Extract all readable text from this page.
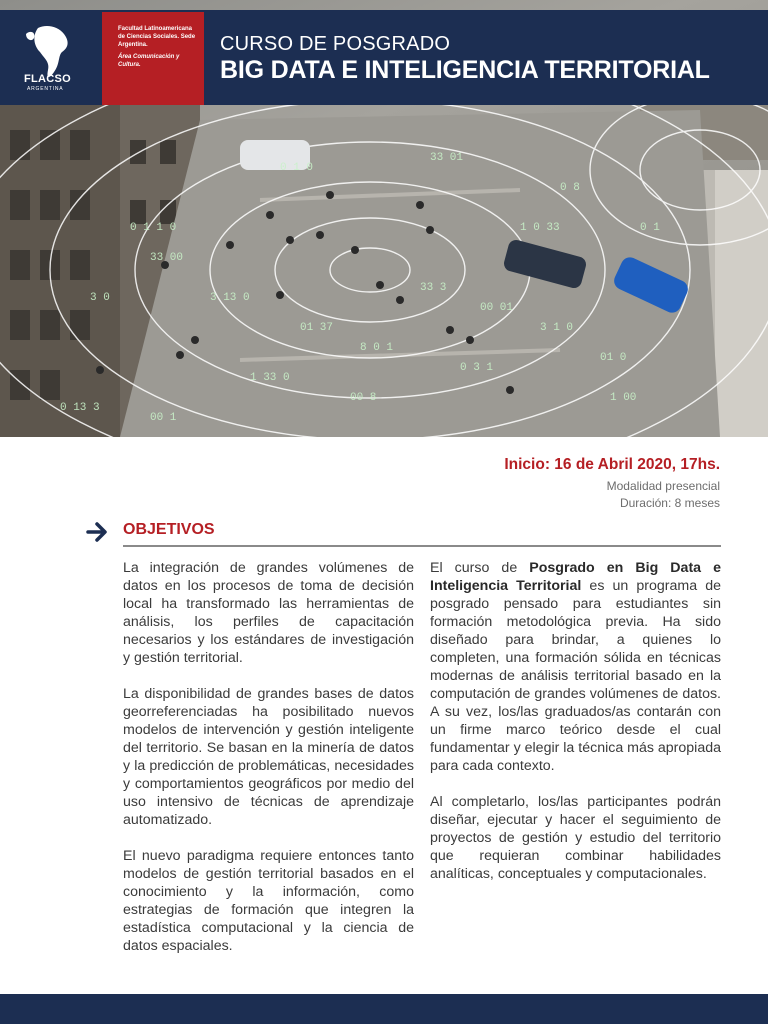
0 1 1 0
33 00
3 13 0
01 37
8 0 1
33 3
00 01
3 1 0
1 33 0
00 8
0 3 1
01 0
0 13 3
00 1
1 0 33
0 1 0
33 01
0 8
1 00
3 0
0 1
FLACSO
ARGENTINA
Facultad Latinoamericana de Ciencias Sociales. Sede Argentina.
Área Comunicación y Cultura.
CURSO DE POSGRADO
BIG DATA E INTELIGENCIA TERRITORIAL
Inicio: 16 de Abril 2020, 17hs.
Modalidad presencial
Duración: 8 meses
OBJETIVOS

La integración de grandes volúmenes de datos en los procesos de toma de decisión local ha transformado las herramientas de análisis, los perfiles de capacitación necesarios y los estándares de investigación y gestión territorial.

La disponibilidad de grandes bases de datos georreferenciadas ha posibilitado nuevos modelos de intervención y gestión inteligente del territorio. Se basan en la minería de datos y la predicción de problemáticas, necesidades y comportamientos geográficos por medio del uso intensivo de técnicas de aprendizaje automatizado.

El nuevo paradigma requiere entonces tanto modelos de gestión territorial basados en el conocimiento y la información, como estrategias de formación que integren la estadística computacional y la ciencia de datos espaciales.

El curso de Posgrado en Big Data e Inteligencia Territorial es un programa de posgrado pensado para estudiantes sin formación metodológica previa. Ha sido diseñado para brindar, a quienes lo completen, una formación sólida en técnicas modernas de análisis territorial basado en la computación de grandes volúmenes de datos. A su vez, los/las graduados/as contarán con un firme marco teórico desde el cual fundamentar y elegir la técnica más apropiada para cada contexto.

Al completarlo, los/las participantes podrán diseñar, ejecutar y hacer el seguimiento de proyectos de gestión y estudio del territorio que requieran combinar habilidades analíticas, conceptuales y computacionales.
